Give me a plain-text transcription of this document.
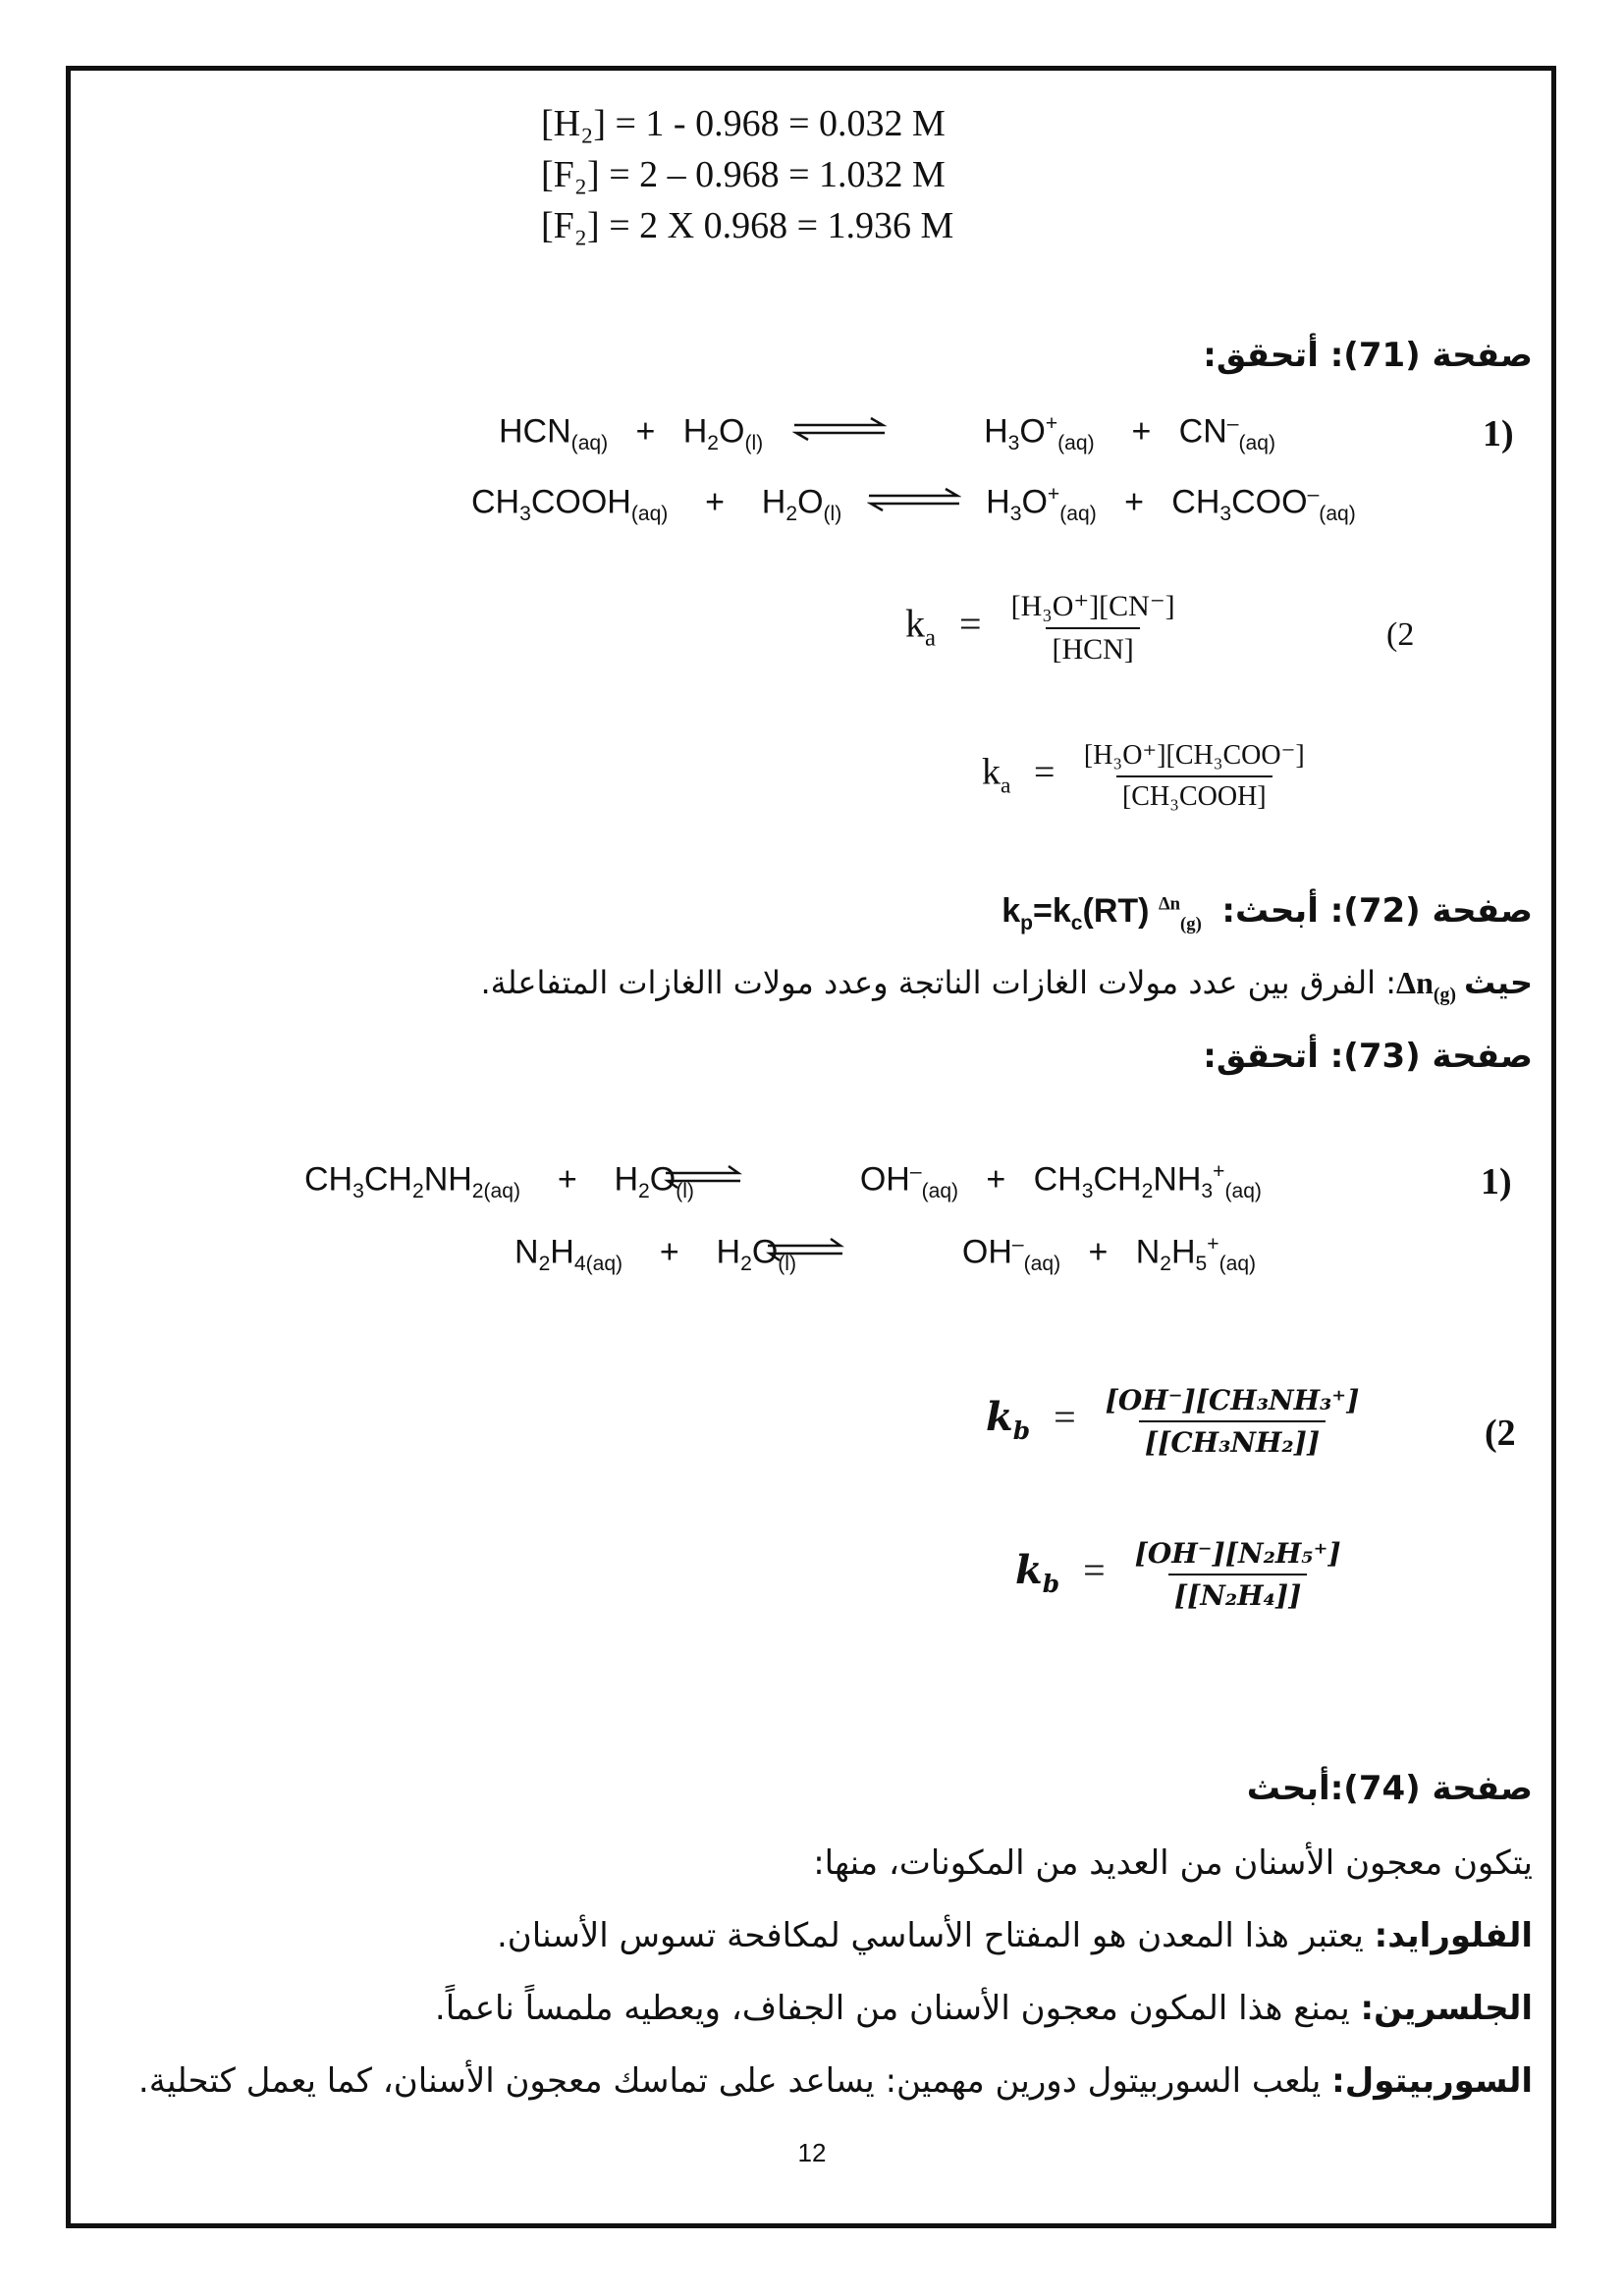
[H₂] = 1 - 0.968 = 0.032 M
[F₂] = 2 – 0.968 = 1.032 M
[F₂] = 2 X 0.968 = 1.936 M
صفحة (71): أتحقق:
$HCN_{(aq)} + H_2O_{(l)}$ ⇌	$H_3O^+_{(aq)} + CN^-_{(aq)}$	1)
$CH_3COOH_{(aq)} + H_2O_{(l)}$ ⇌ $H_3O^+_{(aq)} + CH_3COO^-_{(aq)}$
$k_a = \frac{\text{[H₃O⁺][CN⁻]}}{\text{[HCN]}}$	(2
$k_a = \frac{\text{[H₃O⁺][CH₃COO⁻]}}{\text{[CH₃COOH]}}$
صفحة (72): أبحث: $k_p=k_c(RT)$ $^{\Delta n}_{(g)}$
حيث $\Delta n_{(g)}$: الفرق بين عدد مولات الغازات الناتجة وعدد مولات االغازات المتفاعلة.
صفحة (73): أتحقق:
$CH_3CH_2NH_{2(aq)} + H_2O_{(l)}$	$OH^-_{(aq)} + CH_3CH_2NH_3^+_{(aq)}$	1)
$N_2H_{4(aq)} + H_2O_{(l)}$	$OH^-_{(aq)} + N_2H_5^+_{(aq)}$
$k_b = \frac{\text{[OH⁻][CH₃NH₃⁺]}}{\text{[[CH₃NH₂]]}}$	(2
$k_b = \frac{\text{[OH⁻][N₂H₅⁺]}}{\text{[[N₂H₄]]}}$
صفحة (74):أبحث
يتكون معجون الأسنان من العديد من المكونات، منها:
الفلورايد: يعتبر هذا المعدن هو المفتاح الأساسي لمكافحة تسوس الأسنان.
الجلسرين: يمنع هذا المكون معجون الأسنان من الجفاف، ويعطيه ملمساً ناعماً.
السوربيتول: يلعب السوربيتول دورين مهمين: يساعد على تماسك معجون الأسنان، كما يعمل كتحلية.
12
